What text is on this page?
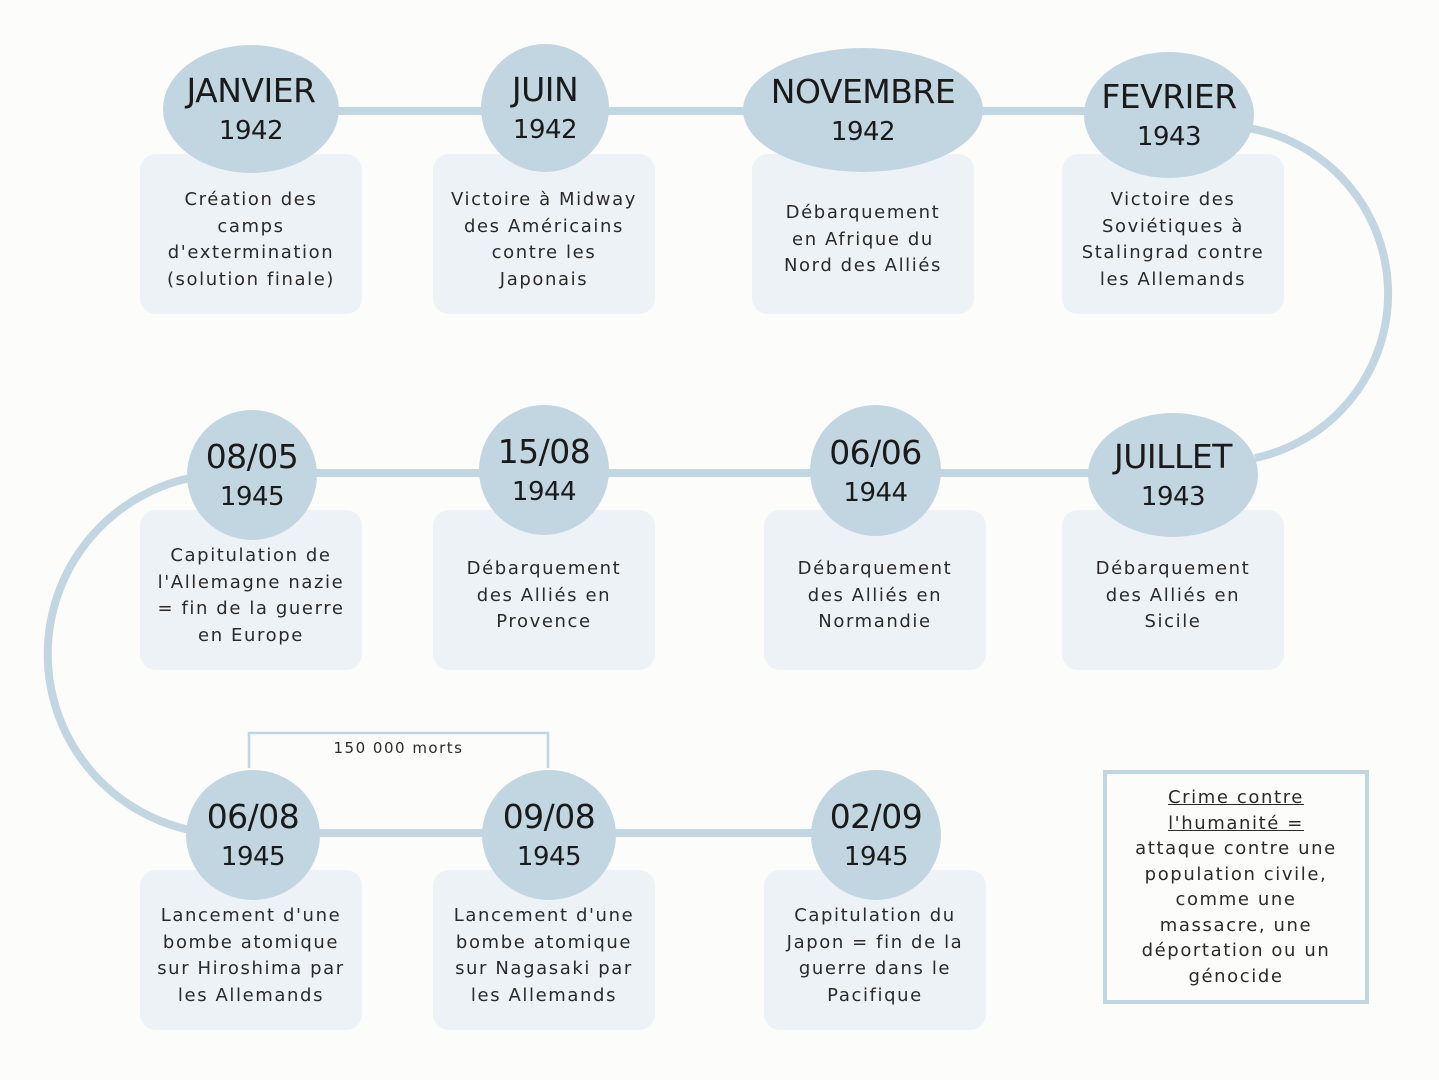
Création des
camps
d'extermination
(solution finale)
JANVIER
1942
Victoire à Midway
des Américains
contre les
Japonais
JUIN
1942
Débarquement
en Afrique du
Nord des Alliés
NOVEMBRE
1942
Victoire des
Soviétiques à
Stalingrad contre
les Allemands
FEVRIER
1943
Débarquement
des Alliés en
Sicile
JUILLET
1943
Débarquement
des Alliés en
Normandie
06/06
1944
Débarquement
des Alliés en
Provence
15/08
1944
Capitulation de
l'Allemagne nazie
= fin de la guerre
en Europe
08/05
1945
150 000 morts
Lancement d'une
bombe atomique
sur Hiroshima par
les Allemands
06/08
1945
Lancement d'une
bombe atomique
sur Nagasaki par
les Allemands
09/08
1945
Capitulation du
Japon = fin de la
guerre dans le
Pacifique
02/09
1945
Crime contre
l'humanité =
attaque contre une
population civile,
comme une
massacre, une
déportation ou un
génocide
